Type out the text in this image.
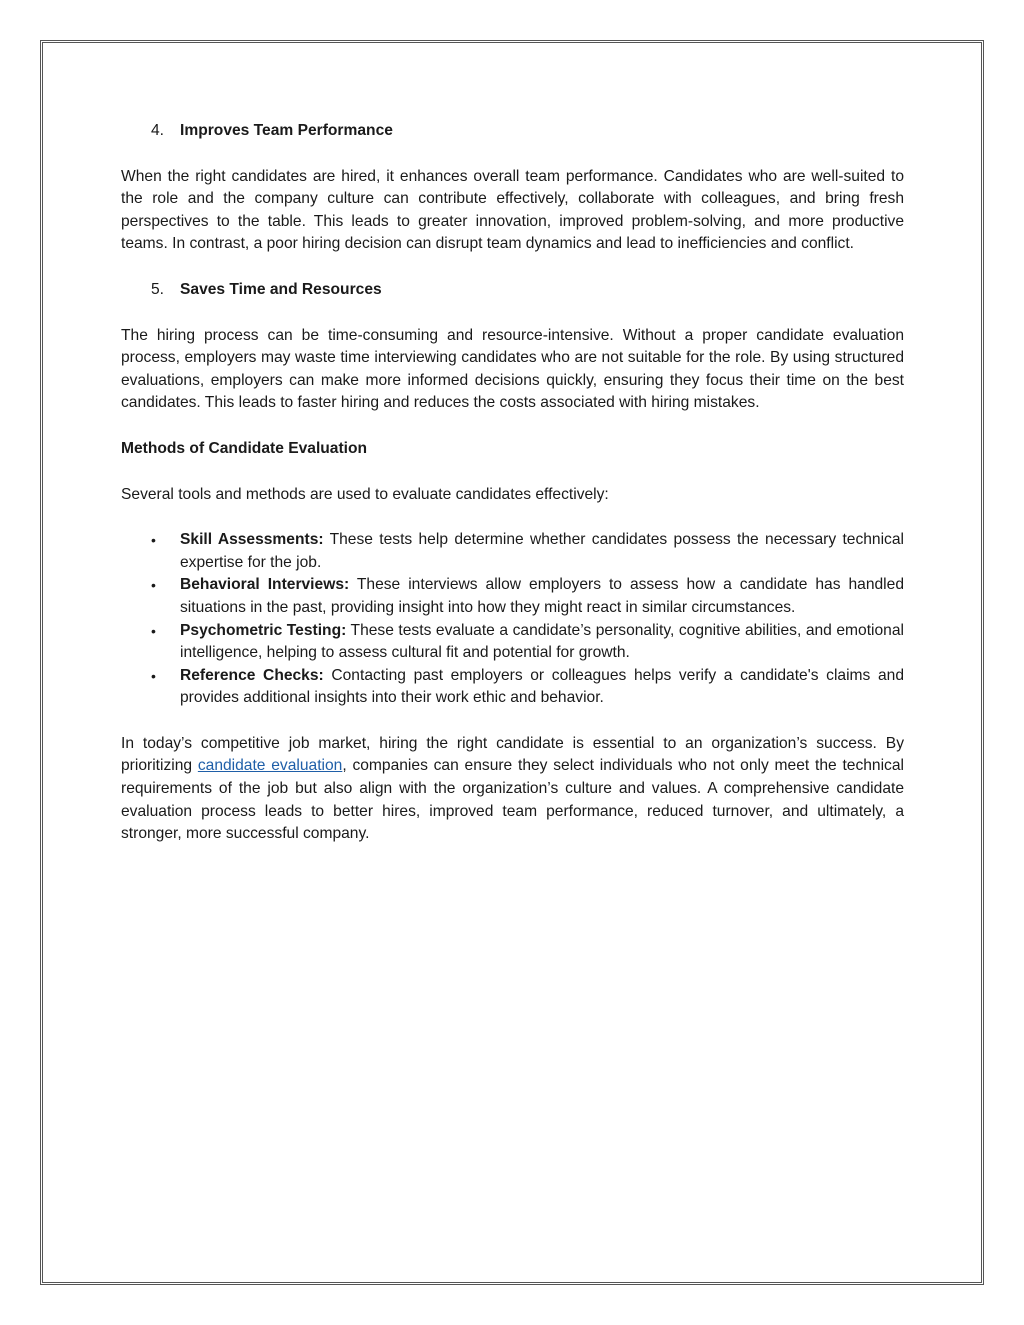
4. Improves Team Performance

When the right candidates are hired, it enhances overall team performance. Candidates who are well-suited to the role and the company culture can contribute effectively, collaborate with colleagues, and bring fresh perspectives to the table. This leads to greater innovation, improved problem-solving, and more productive teams. In contrast, a poor hiring decision can disrupt team dynamics and lead to inefficiencies and conflict.

5. Saves Time and Resources

The hiring process can be time-consuming and resource-intensive. Without a proper candidate evaluation process, employers may waste time interviewing candidates who are not suitable for the role. By using structured evaluations, employers can make more informed decisions quickly, ensuring they focus their time on the best candidates. This leads to faster hiring and reduces the costs associated with hiring mistakes.

Methods of Candidate Evaluation

Several tools and methods are used to evaluate candidates effectively:

• Skill Assessments: These tests help determine whether candidates possess the necessary technical expertise for the job.
• Behavioral Interviews: These interviews allow employers to assess how a candidate has handled situations in the past, providing insight into how they might react in similar circumstances.
• Psychometric Testing: These tests evaluate a candidate’s personality, cognitive abilities, and emotional intelligence, helping to assess cultural fit and potential for growth.
• Reference Checks: Contacting past employers or colleagues helps verify a candidate's claims and provides additional insights into their work ethic and behavior.

In today’s competitive job market, hiring the right candidate is essential to an organization’s success. By prioritizing candidate evaluation, companies can ensure they select individuals who not only meet the technical requirements of the job but also align with the organization’s culture and values. A comprehensive candidate evaluation process leads to better hires, improved team performance, reduced turnover, and ultimately, a stronger, more successful company.
